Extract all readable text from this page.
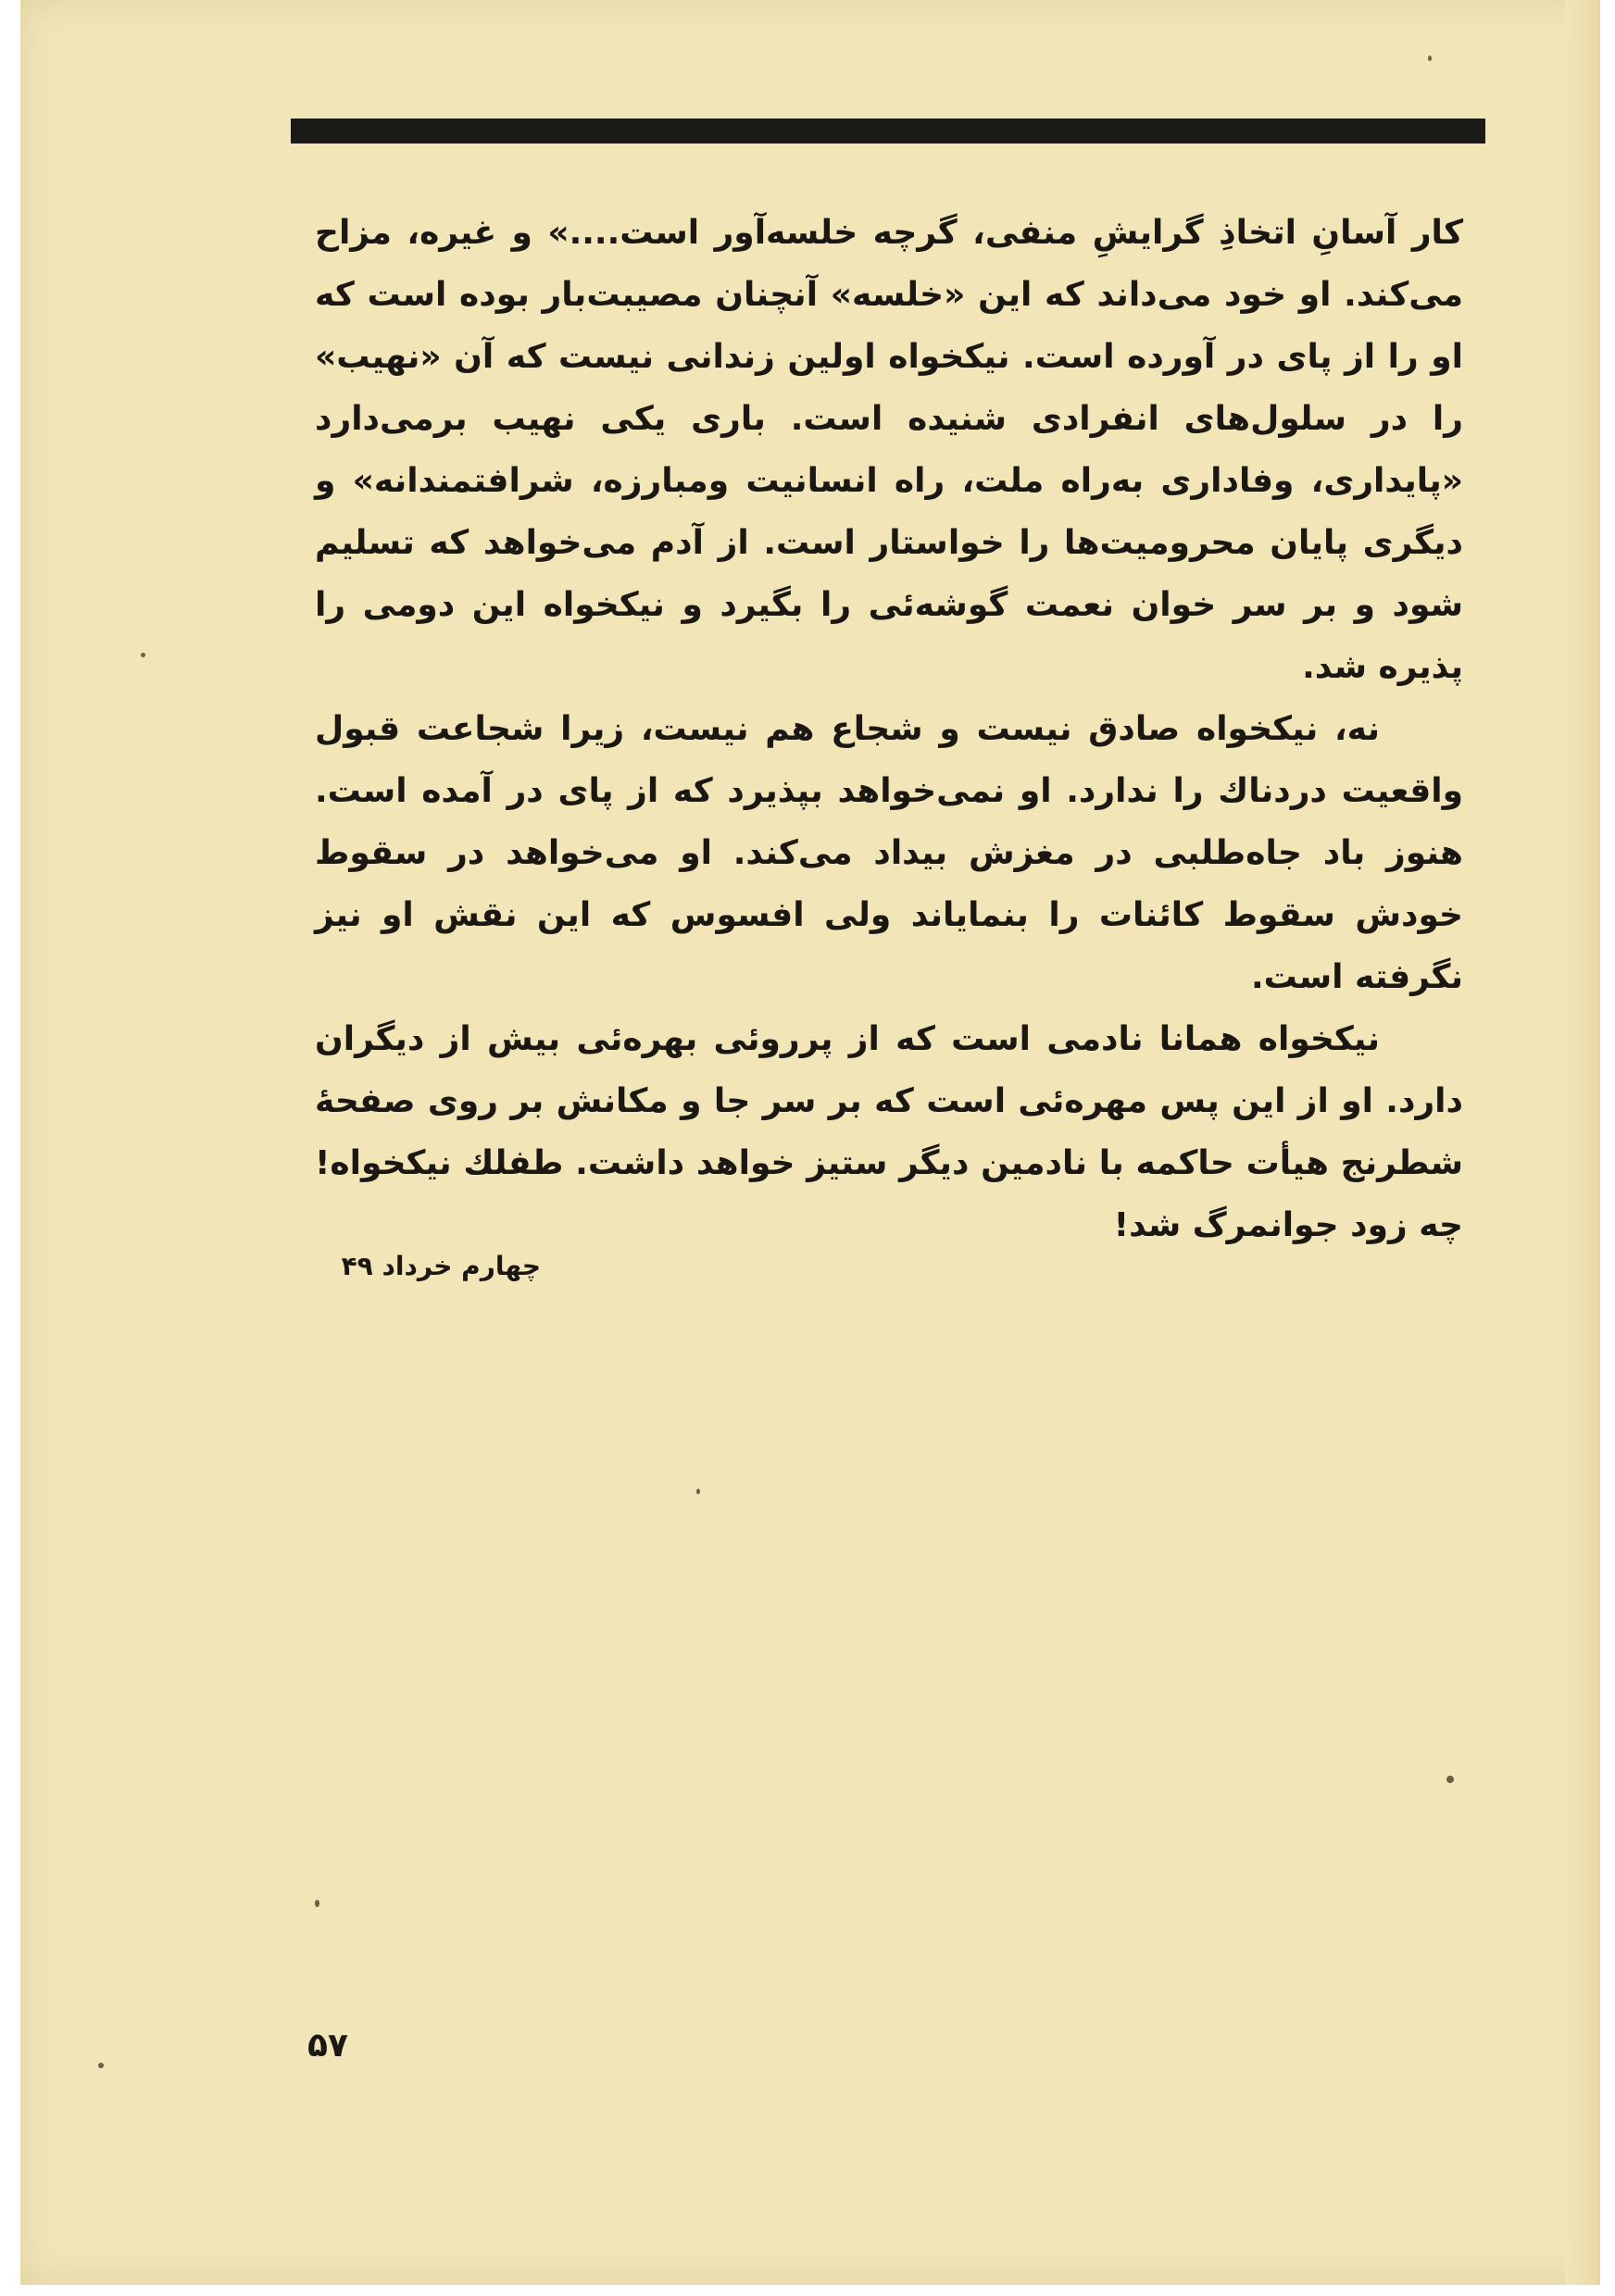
کار آسانِ اتخاذِ گرایشِ منفی، گرچه خلسه‌آور است....» و غیره، مزاح می‌کند. او خود می‌داند که این «خلسه» آنچنان مصیبت‌بار بوده است که او را از پای در آورده است. نیکخواه اولین زندانی نیست که آن «نهیب» را در سلول‌های انفرادی شنیده است. باری یکی نهیب برمی‌دارد «پایداری، وفاداری به‌راه ملت، راه انسانیت ومبارزه، شرافتمندانه» و دیگری پایان محرومیت‌ها را خواستار است. از آدم می‌خواهد که تسلیم شود و بر سر خوان نعمت گوشه‌ئی را بگیرد و نیکخواه این دومی را پذیره شد.

نه، نیکخواه صادق نیست و شجاع هم نیست، زیرا شجاعت قبول واقعیت دردناك را ندارد. او نمی‌خواهد بپذیرد که از پای در آمده است. هنوز باد جاه‌طلبی در مغزش بیداد می‌کند. او می‌خواهد در سقوط خودش سقوط کائنات را بنمایاند ولی افسوس که این نقش او نیز نگرفته است.

نیکخواه همانا نادمی است که از پرروئی بهره‌ئی بیش از دیگران دارد. او از این پس مهره‌ئی است که بر سر جا و مکانش بر روی صفحهٔ شطرنج هیأت حاکمه با نادمین دیگر ستیز خواهد داشت. طفلك نیکخواه! چه زود جوانمرگ شد!

چهارم خرداد ۴۹
۵۷
